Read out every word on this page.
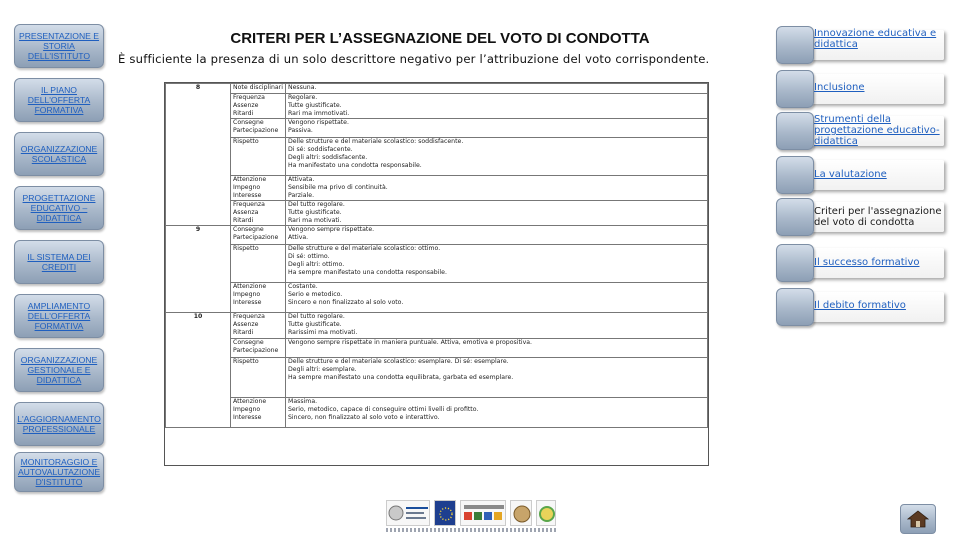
PRESENTAZIONE E STORIA DELL'ISTITUTO
IL PIANO DELL'OFFERTA FORMATIVA
ORGANIZZAZIONE SCOLASTICA
PROGETTAZIONE EDUCATIVO – DIDATTICA
IL SISTEMA DEI CREDITI
AMPLIAMENTO DELL'OFFERTA FORMATIVA
ORGANIZZAZIONE GESTIONALE E DIDATTICA
L'AGGIORNAMENTO PROFESSIONALE
MONITORAGGIO E AUTOVALUTAZIONE D'ISTITUTO
CRITERI PER L’ASSEGNAZIONE DEL VOTO DI CONDOTTA
È sufficiente la presenza di un solo descrittore negativo per l’attribuzione del voto corrispondente.
8	Note disciplinari	Nessuna.

	Frequenza
Assenze
Ritardi	Regolare.
Tutte giustificate.
Rari ma immotivati.

	Consegne
Partecipazione	Vengono rispettate.
Passiva.

	Rispetto	Delle strutture e del materiale scolastico: soddisfacente.
Di sé: soddisfacente.
Degli altri: soddisfacente.
Ha manifestato una condotta responsabile.

	Attenzione
Impegno
Interesse	Attivata.
Sensibile ma privo di continuità.
Parziale.

	Frequenza
Assenza
Ritardi	Del tutto regolare.
Tutte giustificate.
Rari ma motivati.

9	Consegne
Partecipazione	Vengono sempre rispettate.
Attiva.

	Rispetto	Delle strutture e del materiale scolastico: ottimo.
Di sé: ottimo.
Degli altri: ottimo.
Ha sempre manifestato una condotta responsabile.

	Attenzione
Impegno
Interesse	Costante.
Serio e metodico.
Sincero e non finalizzato al solo voto.

10	Frequenza
Assenze
Ritardi	Del tutto regolare.
Tutte giustificate.
Rarissimi ma motivati.

	Consegne
Partecipazione	Vengono sempre rispettate in maniera puntuale. Attiva, emotiva e propositiva.
	Rispetto	Delle strutture e del materiale scolastico: esemplare. Di sé: esemplare.
Degli altri: esemplare.
Ha sempre manifestato una condotta equilibrata, garbata ed esemplare.

	Attenzione
Impegno
Interesse	Massima.
Serio, metodico, capace di conseguire ottimi livelli di profitto.
Sincero, non finalizzato al solo voto e interattivo.
Innovazione educativa e didattica
Inclusione
Strumenti della progettazione educativo-didattica
La valutazione
Criteri per l'assegnazione del voto di condotta
Il successo formativo
Il debito formativo
